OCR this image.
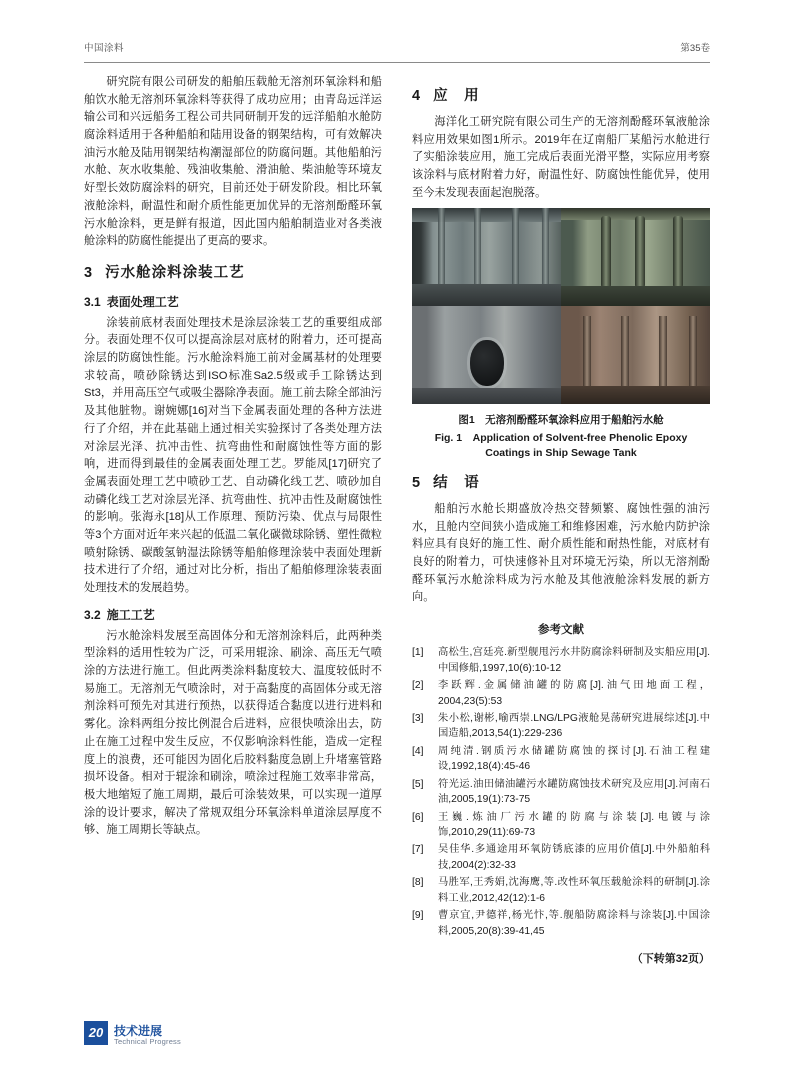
中国涂料	第35卷

研究院有限公司研发的船舶压载舱无溶剂环氧涂料和船舶饮水舱无溶剂环氧涂料等获得了成功应用；由青岛远洋运输公司和兴远船务工程公司共同研制开发的远洋船舶水舱防腐涂料适用于各种船舶和陆用设备的钢架结构，可有效解决油污水舱及陆用钢架结构潮湿部位的防腐问题。其他船舶污水舱、灰水收集舱、残油收集舱、滑油舱、柴油舱等环境友好型长效防腐涂料的研究，目前还处于研发阶段。相比环氧液舱涂料，耐温性和耐介质性能更加优异的无溶剂酚醛环氧污水舱涂料，更是鲜有报道，因此国内船舶制造业对各类液舱涂料的防腐性能提出了更高的要求。

3 污水舱涂料涂装工艺
3.1 表面处理工艺

涂装前底材表面处理技术是涂层涂装工艺的重要组成部分。表面处理不仅可以提高涂层对底材的附着力，还可提高涂层的防腐蚀性能。污水舱涂料施工前对金属基材的处理要求较高，喷砂除锈达到ISO标准Sa2.5级或手工除锈达到St3，并用高压空气或吸尘器除净表面。施工前去除全部油污及其他脏物。谢婉娜[16]对当下金属表面处理的各种方法进行了介绍，并在此基础上通过相关实验探讨了各类处理方法对涂层光泽、抗冲击性、抗弯曲性和耐腐蚀性等方面的影响，进而得到最佳的金属表面处理工艺。罗能凤[17]研究了金属表面处理工艺中喷砂工艺、自动磷化线工艺、喷砂加自动磷化线工艺对涂层光泽、抗弯曲性、抗冲击性及耐腐蚀性的影响。张海永[18]从工作原理、预防污染、优点与局限性等3个方面对近年来兴起的低温二氧化碳微球除锈、塑性微粒喷射除锈、碳酸氢钠湿法除锈等船舶修理涂装中表面处理新技术进行了介绍，通过对比分析，指出了船舶修理涂装表面处理技术的发展趋势。

3.2 施工工艺

污水舱涂料发展至高固体分和无溶剂涂料后，此两种类型涂料的适用性较为广泛，可采用辊涂、刷涂、高压无气喷涂的方法进行施工。但此两类涂料黏度较大、温度较低时不易施工。无溶剂无气喷涂时，对于高黏度的高固体分或无溶剂涂料可预先对其进行预热，以获得适合黏度以进行进料和雾化。涂料两组分按比例混合后进料，应很快喷涂出去，防止在施工过程中发生反应，不仅影响涂料性能，造成一定程度上的浪费，还可能因为固化后胶料黏度急剧上升堵塞管路损坏设备。相对于辊涂和刷涂，喷涂过程施工效率非常高，极大地缩短了施工周期，最后可涂装效果，可以实现一道厚涂的设计要求，解决了常规双组分环氧涂料单道涂层厚度不够、施工周期长等缺点。

4 应　用

海洋化工研究院有限公司生产的无溶剂酚醛环氧液舱涂料应用效果如图1所示。2019年在辽南船厂某船污水舱进行了实船涂装应用，施工完成后表面光滑平整，实际应用考察该涂料与底材附着力好，耐温性好、防腐蚀性能优异，使用至今未发现表面起泡脱落。

图1　无溶剂酚醛环氧涂料应用于船舶污水舱
Fig. 1　Application of Solvent-free Phenolic Epoxy Coatings in Ship Sewage Tank
5 结　语

船舶污水舱长期盛放冷热交替频繁、腐蚀性强的油污水，且舱内空间狭小造成施工和维修困难，污水舱内防护涂料应具有良好的施工性、耐介质性能和耐热性能，对底材有良好的附着力，可快速修补且对环境无污染，所以无溶剂酚醛环氧污水舱涂料成为污水舱及其他液舱涂料发展的新方向。

参考文献
[1]	高松生,宫廷亮.新型舰甩污水井防腐涂料研制及实船应用[J].中国修船,1997,10(6):10-12
[2]	李跃辉.金属储油罐的防腐[J].油气田地面工程，2004,23(5):53
[3]	朱小松,谢彬,喻西崇.LNG/LPG液舱晃荡研究进展综述[J].中国造船,2013,54(1):229-236
[4]	周纯清.钢质污水储罐防腐蚀的探讨[J].石油工程建设,1992,18(4):45-46
[5]	符光运.油田储油罐污水罐防腐蚀技术研究及应用[J].河南石油,2005,19(1):73-75
[6]	王巍.炼油厂污水罐的防腐与涂装[J].电镀与涂饰,2010,29(11):69-73
[7]	吴佳华.多通途用环氧防锈底漆的应用价值[J].中外船舶科技,2004(2):32-33
[8]	马胜军,王秀娟,沈海鹰,等.改性环氧压载舱涂料的研制[J].涂料工业,2012,42(12):1-6
[9]	曹京宜,尹德祥,杨光忭,等.舰船防腐涂料与涂装[J].中国涂料,2005,20(8):39-41,45
（下转第32页）
20 技术进展
Technical Progress
